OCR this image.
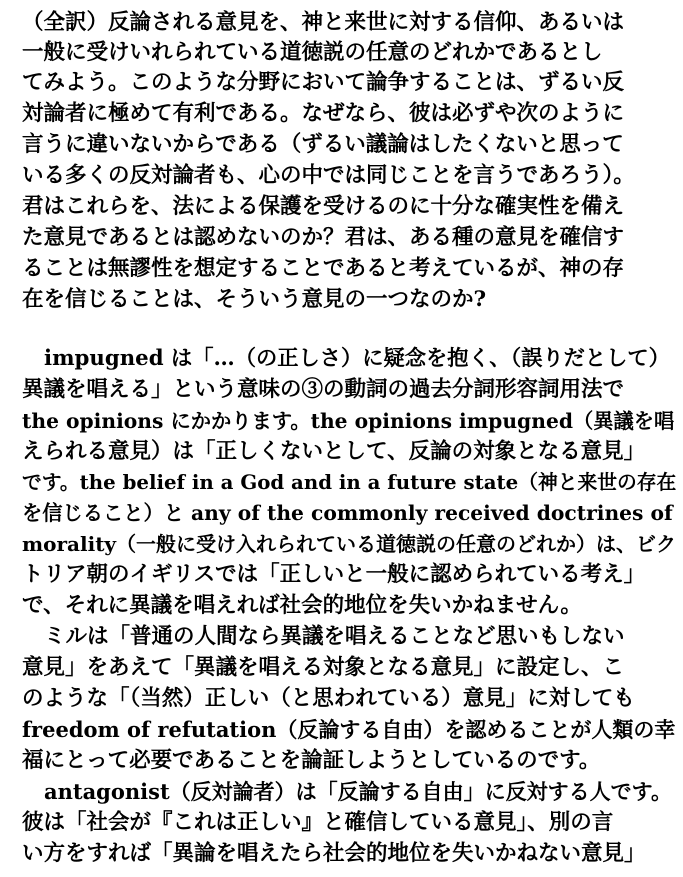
（全訳）反論される意見を、神と来世に対する信仰、あるいは
一般に受けいれられている道徳説の任意のどれかであるとし
てみよう。このような分野において論争することは、ずるい反
対論者に極めて有利である。なぜなら、彼は必ずや次のように
言うに違いないからである（ずるい議論はしたくないと思って
いる多くの反対論者も、心の中では同じことを言うであろう）。
君はこれらを、法による保護を受けるのに十分な確実性を備え
た意見であるとは認めないのか？君は、ある種の意見を確信す
ることは無謬性を想定することであると考えているが、神の存
在を信じることは、そういう意見の一つなのか?
impugned は「…（の正しさ）に疑念を抱く、（誤りだとして）
異議を唱える」という意味の③の動詞の過去分詞形容詞用法で
the opinions にかかります。the opinions impugned（異議を唱
えられる意見）は「正しくないとして、反論の対象となる意見」
です。the belief in a God and in a future state（神と来世の存在
を信じること）と any of the commonly received doctrines of
morality（一般に受け入れられている道徳説の任意のどれか）は、ビク
トリア朝のイギリスでは「正しいと一般に認められている考え」
で、それに異議を唱えれば社会的地位を失いかねません。
ミルは「普通の人間なら異議を唱えることなど思いもしない
意見」をあえて「異議を唱える対象となる意見」に設定し、こ
のような「（当然）正しい（と思われている）意見」に対しても
freedom of refutation（反論する自由）を認めることが人類の幸
福にとって必要であることを論証しようとしているのです。
antagonist（反対論者）は「反論する自由」に反対する人です。
彼は「社会が『これは正しい』と確信している意見」、別の言
い方をすれば「異論を唱えたら社会的地位を失いかねない意見」
